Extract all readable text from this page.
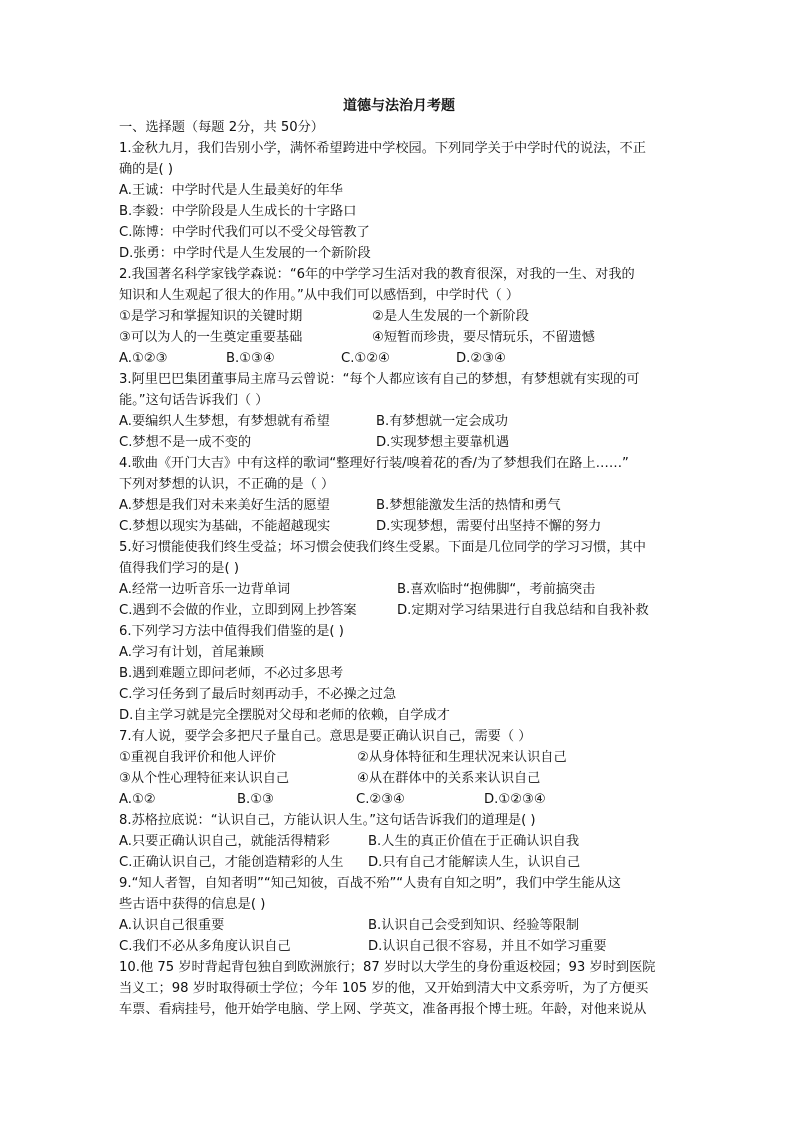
道德与法治月考题
一、选择题（每题 2分，共 50分）
1.金秋九月，我们告别小学，满怀希望跨进中学校园。下列同学关于中学时代的说法，不正
确的是( )
A.王诚：中学时代是人生最美好的年华
B.李毅：中学阶段是人生成长的十字路口
C.陈博：中学时代我们可以不受父母管教了
D.张勇：中学时代是人生发展的一个新阶段
2.我国著名科学家钱学森说：“6年的中学学习生活对我的教育很深，对我的一生、对我的
知识和人生观起了很大的作用。”从中我们可以感悟到，中学时代（ ）
①是学习和掌握知识的关键时期	②是人生发展的一个新阶段
③可以为人的一生奠定重要基础	④短暂而珍贵，要尽情玩乐，不留遗憾
A.①②③	B.①③④	C.①②④	D.②③④
3.阿里巴巴集团董事局主席马云曾说：“每个人都应该有自己的梦想，有梦想就有实现的可
能。”这句话告诉我们（ ）
A.要编织人生梦想，有梦想就有希望	B.有梦想就一定会成功
C.梦想不是一成不变的	D.实现梦想主要靠机遇
4.歌曲《开门大吉》中有这样的歌词“整理好行装/嗅着花的香/为了梦想我们在路上……”
下列对梦想的认识，不正确的是（ ）
A.梦想是我们对未来美好生活的愿望	B.梦想能激发生活的热情和勇气
C.梦想以现实为基础，不能超越现实	D.实现梦想，需要付出坚持不懈的努力
5.好习惯能使我们终生受益；坏习惯会使我们终生受累。下面是几位同学的学习习惯，其中
值得我们学习的是( )
A.经常一边听音乐一边背单词	B.喜欢临时“抱佛脚“，考前搞突击
C.遇到不会做的作业，立即到网上抄答案	D.定期对学习结果进行自我总结和自我补救
6.下列学习方法中值得我们借鉴的是( )
A.学习有计划，首尾兼顾
B.遇到难题立即问老师，不必过多思考
C.学习任务到了最后时刻再动手，不必操之过急
D.自主学习就是完全摆脱对父母和老师的依赖，自学成才
7.有人说，要学会多把尺子量自己。意思是要正确认识自己，需要（ ）
①重视自我评价和他人评价	②从身体特征和生理状况来认识自己
③从个性心理特征来认识自己	④从在群体中的关系来认识自己
A.①②	B.①③	C.②③④	D.①②③④
8.苏格拉底说：“认识自己，方能认识人生。”这句话告诉我们的道理是( )
A.只要正确认识自己，就能活得精彩	B.人生的真正价值在于正确认识自我
C.正确认识自己，才能创造精彩的人生 D.只有自己才能解读人生，认识自己
9.“知人者智，自知者明”“知己知彼，百战不殆”“人贵有自知之明”，我们中学生能从这
些古语中获得的信息是( )
A.认识自己很重要	B.认识自己会受到知识、经验等限制
C.我们不必从多角度认识自己	D.认识自己很不容易，并且不如学习重要
10.他 75 岁时背起背包独自到欧洲旅行；87 岁时以大学生的身份重返校园；93 岁时到医院
当义工；98 岁时取得硕士学位；今年 105 岁的他，又开始到清大中文系旁听，为了方便买
车票、看病挂号，他开始学电脑、学上网、学英文，准备再报个博士班。年龄，对他来说从
